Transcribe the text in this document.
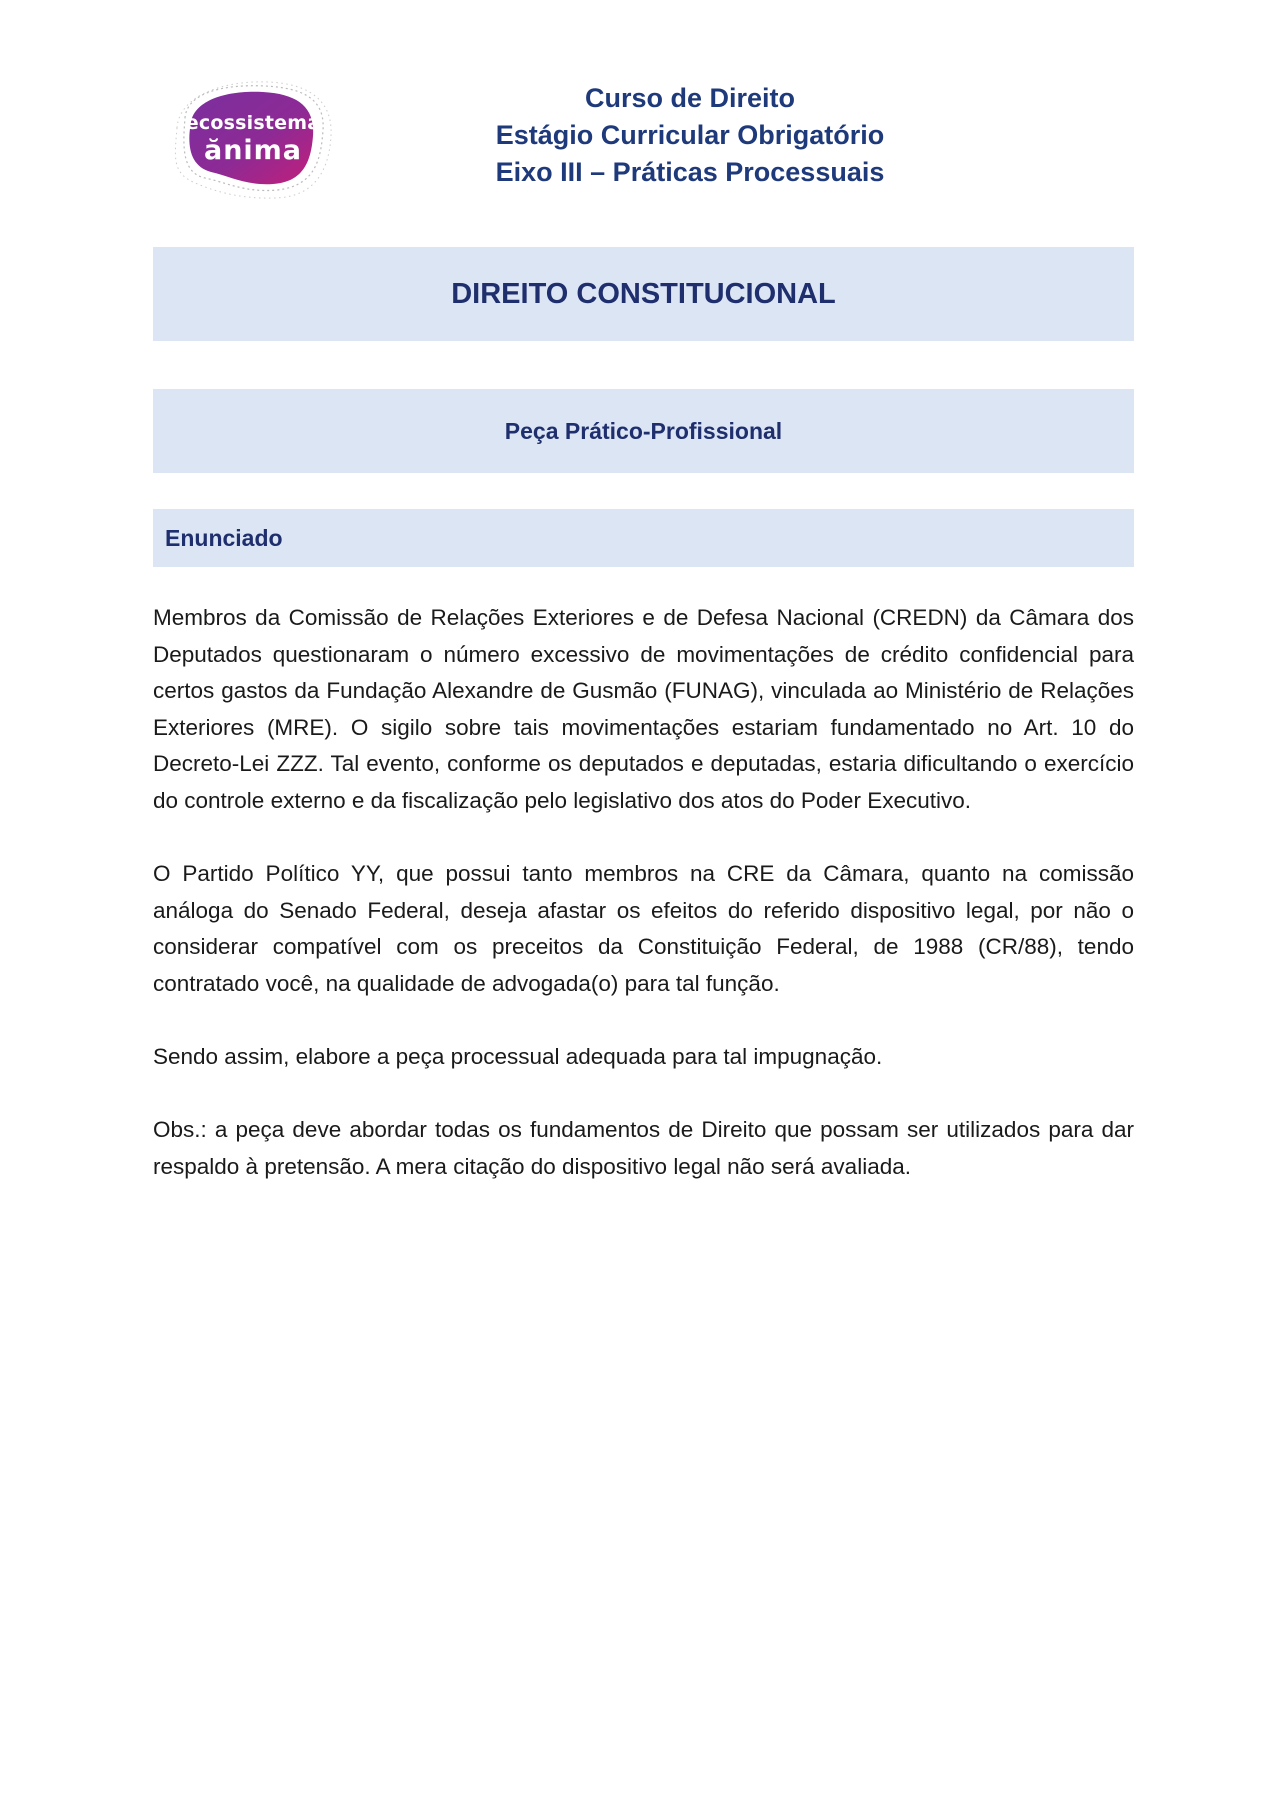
ecossistema
ănima
Curso de Direito
Estágio Curricular Obrigatório
Eixo III – Práticas Processuais
DIREITO CONSTITUCIONAL
Peça Prático-Profissional
Enunciado

Membros da Comissão de Relações Exteriores e de Defesa Nacional (CREDN) da Câmara dos Deputados questionaram o número excessivo de movimentações de crédito confidencial para certos gastos da Fundação Alexandre de Gusmão (FUNAG), vinculada ao Ministério de Relações Exteriores (MRE). O sigilo sobre tais movimentações estariam fundamentado no Art. 10 do Decreto-Lei ZZZ. Tal evento, conforme os deputados e deputadas, estaria dificultando o exercício do controle externo e da fiscalização pelo legislativo dos atos do Poder Executivo.

O Partido Político YY, que possui tanto membros na CRE da Câmara, quanto na comissão análoga do Senado Federal, deseja afastar os efeitos do referido dispositivo legal, por não o considerar compatível com os preceitos da Constituição Federal, de 1988 (CR/88), tendo contratado você, na qualidade de advogada(o) para tal função.

Sendo assim, elabore a peça processual adequada para tal impugnação.

Obs.: a peça deve abordar todas os fundamentos de Direito que possam ser utilizados para dar respaldo à pretensão. A mera citação do dispositivo legal não será avaliada.
